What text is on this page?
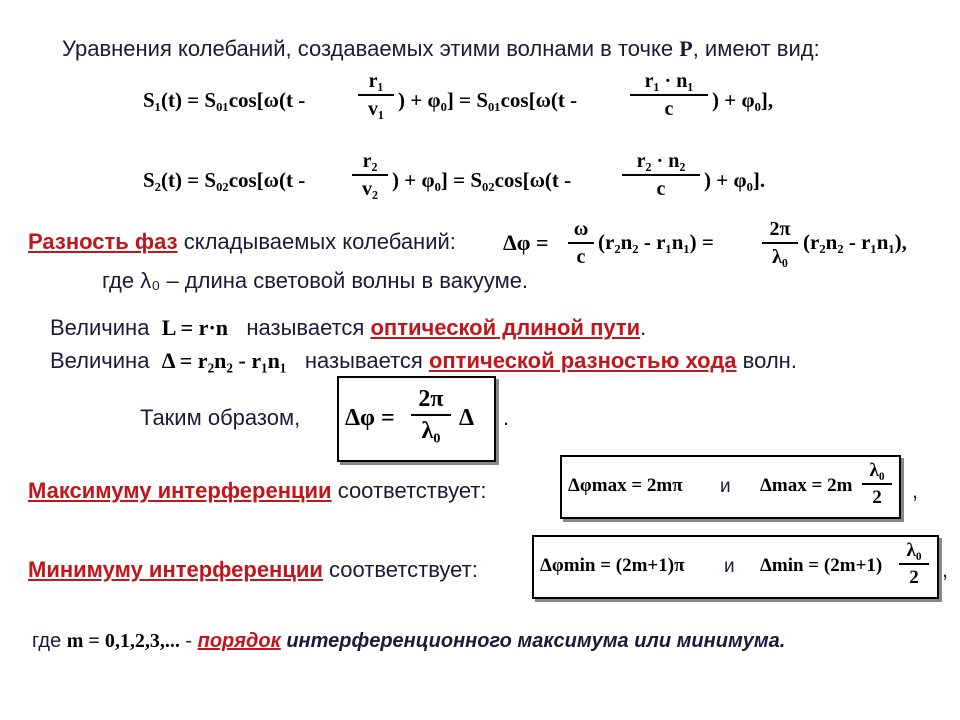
Уравнения колебаний, создаваемых этими волнами в точке P, имеют вид:
S₁(t) = S₀₁cos[ω(t -	$\frac{\text{r₁}}{\text{v₁}}$ ) + φ₀] = S₀₁cos[ω(t -	$\frac{\text{r₁ · n₁}}{c}$ ) + φ₀],
$S_2(t) = S_{02}\cos[\omega(t - \frac{\text{r₂}}{\text{v₂}}$ ) + φ₀] = S₀₂cos[ω(t -	$\frac{\text{r₂ · n₂}}{c}$ ) + φ₀].
Разность фаз складываемых колебаний: $\Delta\varphi = \frac{\omega}{c} (r_2n_2 - r_1n_1) = \frac{2\pi}{\text{λ₀}} (r_2n_2 - r_1n_1)$,
где λ₀ – длина световой волны в вакууме.
Величина L = r·n называется оптической длиной пути.
Величина Δ = r₂n₂ - r₁n₁ называется оптической разностью хода волн.
Таким образом, $\Delta\varphi = \frac{2\pi}{\text{λ₀}}$ Δ .
Максимуму интерференции соответствует:	Δφmax = 2mπ и $\Delta\max = 2m \frac{\text{λ₀}}{2}$ ,
Минимуму интерференции соответствует:	Δφmin = (2m+1)π и $\Delta\min = (2m+1) \frac{\text{λ₀}}{2}$ ,
где m = 0,1,2,3,... - порядок интерференционного максимума или минимума.
